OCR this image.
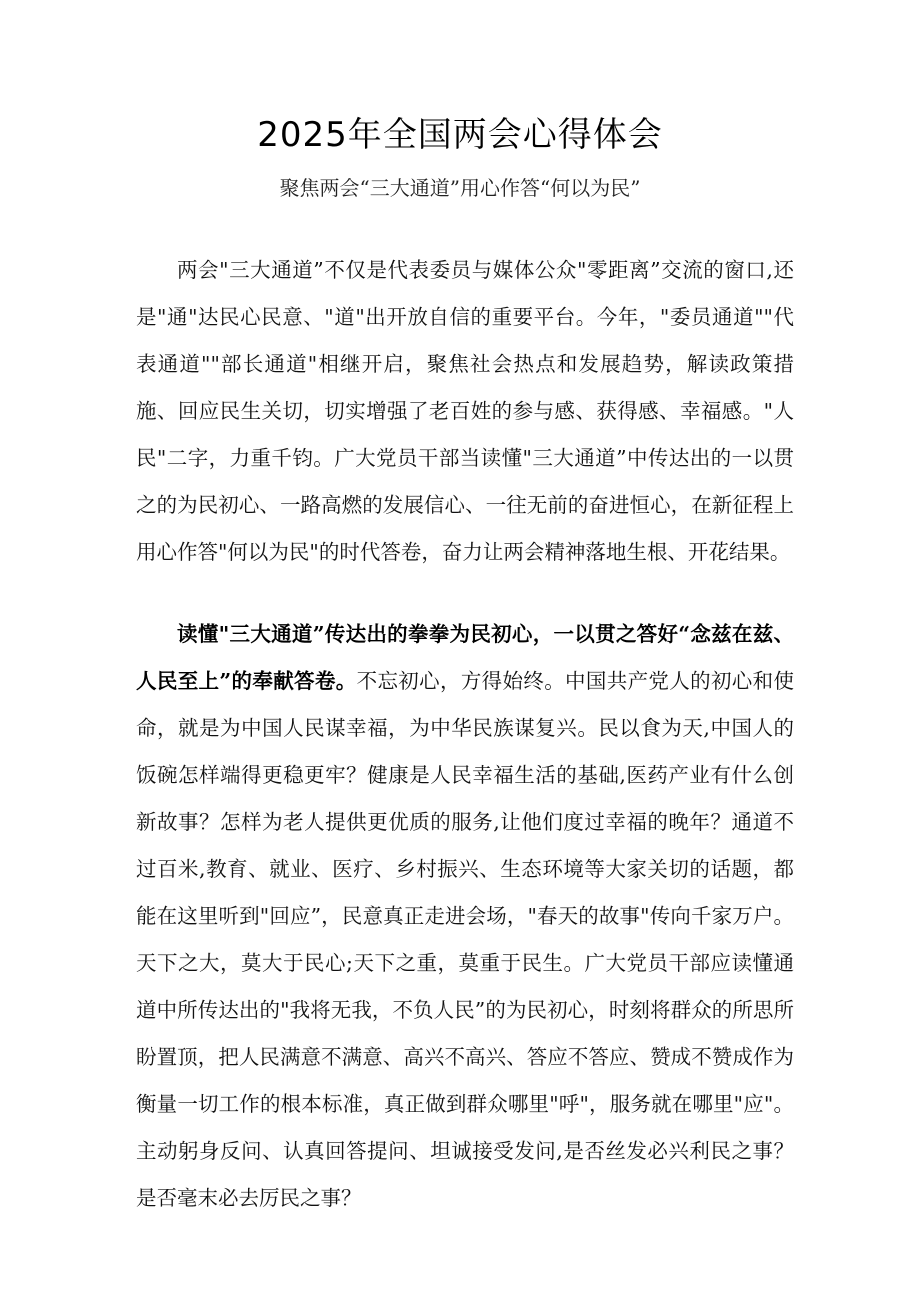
2025年全国两会心得体会
聚焦两会“三大通道”用心作答“何以为民”

两会"三大通道”不仅是代表委员与媒体公众"零距离”交流的窗口,还是"通"达民心民意、"道"出开放自信的重要平台。今年，"委员通道""代表通道""部长通道"相继开启，聚焦社会热点和发展趋势，解读政策措施、回应民生关切，切实增强了老百姓的参与感、获得感、幸福感。"人民"二字，力重千钧。广大党员干部当读懂"三大通道”中传达出的一以贯之的为民初心、一路高燃的发展信心、一往无前的奋进恒心，在新征程上用心作答"何以为民"的时代答卷，奋力让两会精神落地生根、开花结果。

读懂"三大通道”传达出的拳拳为民初心，一以贯之答好“念兹在兹、人民至上”的奉献答卷。不忘初心，方得始终。中国共产党人的初心和使命，就是为中国人民谋幸福，为中华民族谋复兴。民以食为天,中国人的饭碗怎样端得更稳更牢？健康是人民幸福生活的基础,医药产业有什么创新故事？怎样为老人提供更优质的服务,让他们度过幸福的晚年？通道不过百米,教育、就业、医疗、乡村振兴、生态环境等大家关切的话题，都能在这里听到"回应”，民意真正走进会场，"春天的故事"传向千家万户。天下之大，莫大于民心;天下之重，莫重于民生。广大党员干部应读懂通道中所传达出的"我将无我，不负人民”的为民初心，时刻将群众的所思所盼置顶，把人民满意不满意、高兴不高兴、答应不答应、赞成不赞成作为衡量一切工作的根本标准，真正做到群众哪里"呼"，服务就在哪里"应"。主动躬身反问、认真回答提问、坦诚接受发问,是否丝发必兴利民之事？是否毫末必去厉民之事？
